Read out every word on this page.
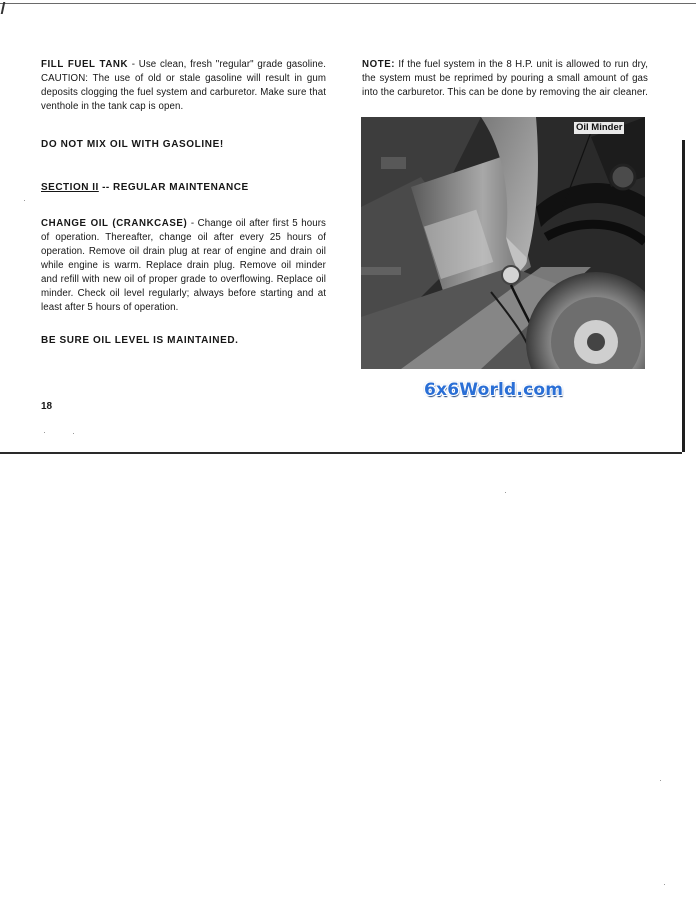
FILL FUEL TANK - Use clean, fresh "regular" grade gasoline. CAUTION: The use of old or stale gasoline will result in gum deposits clogging the fuel system and carburetor. Make sure that venthole in the tank cap is open.

DO NOT MIX OIL WITH GASOLINE!

SECTION II -- REGULAR MAINTENANCE

CHANGE OIL (CRANKCASE) - Change oil after first 5 hours of operation. Thereafter, change oil after every 25 hours of operation. Remove oil drain plug at rear of engine and drain oil while engine is warm. Replace drain plug. Remove oil minder and refill with new oil of proper grade to overflowing. Replace oil minder. Check oil level regularly; always before starting and at least after 5 hours of operation.

BE SURE OIL LEVEL IS MAINTAINED.

NOTE: If the fuel system in the 8 H.P. unit is allowed to run dry, the system must be reprimed by pouring a small amount of gas into the carburetor. This can be done by removing the air cleaner.

Oil Minder
6x6World.com
18
